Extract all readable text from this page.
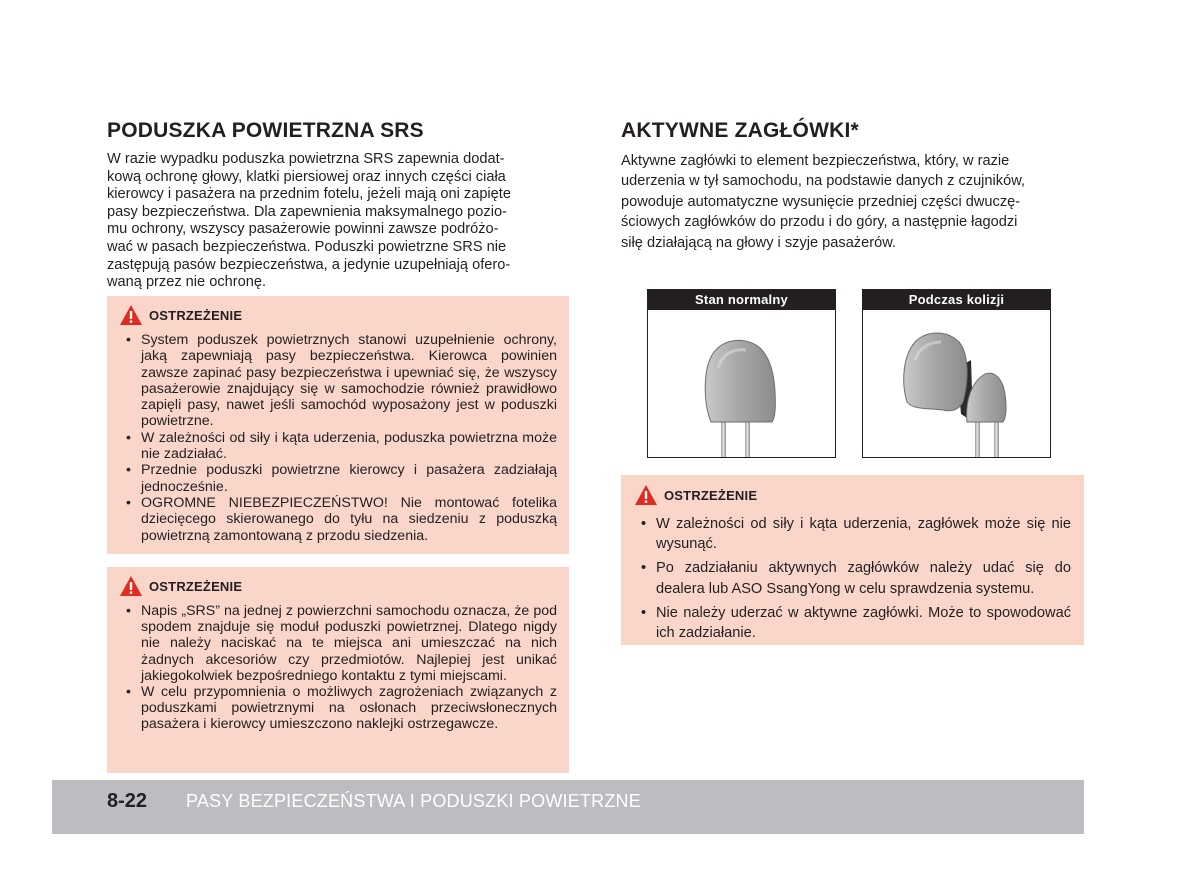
PODUSZKA POWIETRZNA SRS
W razie wypadku poduszka powietrzna SRS zapewnia dodat-
kową ochronę głowy, klatki piersiowej oraz innych części ciała
kierowcy i pasażera na przednim fotelu, jeżeli mają oni zapięte
pasy bezpieczeństwa. Dla zapewnienia maksymalnego pozio-
mu ochrony, wszyscy pasażerowie powinni zawsze podróżo-
wać w pasach bezpieczeństwa. Poduszki powietrzne SRS nie
zastępują pasów bezpieczeństwa, a jedynie uzupełniają ofero-
waną przez nie ochronę.
OSTRZEŻENIE
• System poduszek powietrznych stanowi uzupełnienie ochrony, jaką zapewniają pasy bezpieczeństwa. Kierowca powinien zawsze zapinać pasy bezpieczeństwa i upewniać się, że wszyscy pasażerowie znajdujący się w samochodzie również prawidłowo zapięli pasy, nawet jeśli samochód wyposażony jest w poduszki powietrzne.
• W zależności od siły i kąta uderzenia, poduszka powietrzna może nie zadziałać.
• Przednie poduszki powietrzne kierowcy i pasażera zadziałają jednocześnie.
• OGROMNE NIEBEZPIECZEŃSTWO! Nie montować fotelika dziecięcego skierowanego do tyłu na siedzeniu z poduszką powietrzną zamontowaną z przodu siedzenia.
OSTRZEŻENIE
• Napis „SRS” na jednej z powierzchni samochodu oznacza, że pod spodem znajduje się moduł poduszki powietrznej. Dlatego nigdy nie należy naciskać na te miejsca ani umieszczać na nich żadnych akcesoriów czy przedmiotów. Najlepiej jest unikać jakiegokolwiek bezpośredniego kontaktu z tymi miejscami.
• W celu przypomnienia o możliwych zagrożeniach związanych z poduszkami powietrznymi na osłonach przeciwsłonecznych pasażera i kierowcy umieszczono naklejki ostrzegawcze.
AKTYWNE ZAGŁÓWKI*
Aktywne zagłówki to element bezpieczeństwa, który, w razie
uderzenia w tył samochodu, na podstawie danych z czujników,
powoduje automatyczne wysunięcie przedniej części dwuczę-
ściowych zagłówków do przodu i do góry, a następnie łagodzi
siłę działającą na głowy i szyje pasażerów.
Stan normalny	Podczas kolizji
OSTRZEŻENIE
• W zależności od siły i kąta uderzenia, zagłówek może się nie wysunąć.
• Po zadziałaniu aktywnych zagłówków należy udać się do dealera lub ASO SsangYong w celu sprawdzenia systemu.
• Nie należy uderzać w aktywne zagłówki. Może to spowodować ich zadziałanie.
8-22 PASY BEZPIECZEŃSTWA I PODUSZKI POWIETRZNE
